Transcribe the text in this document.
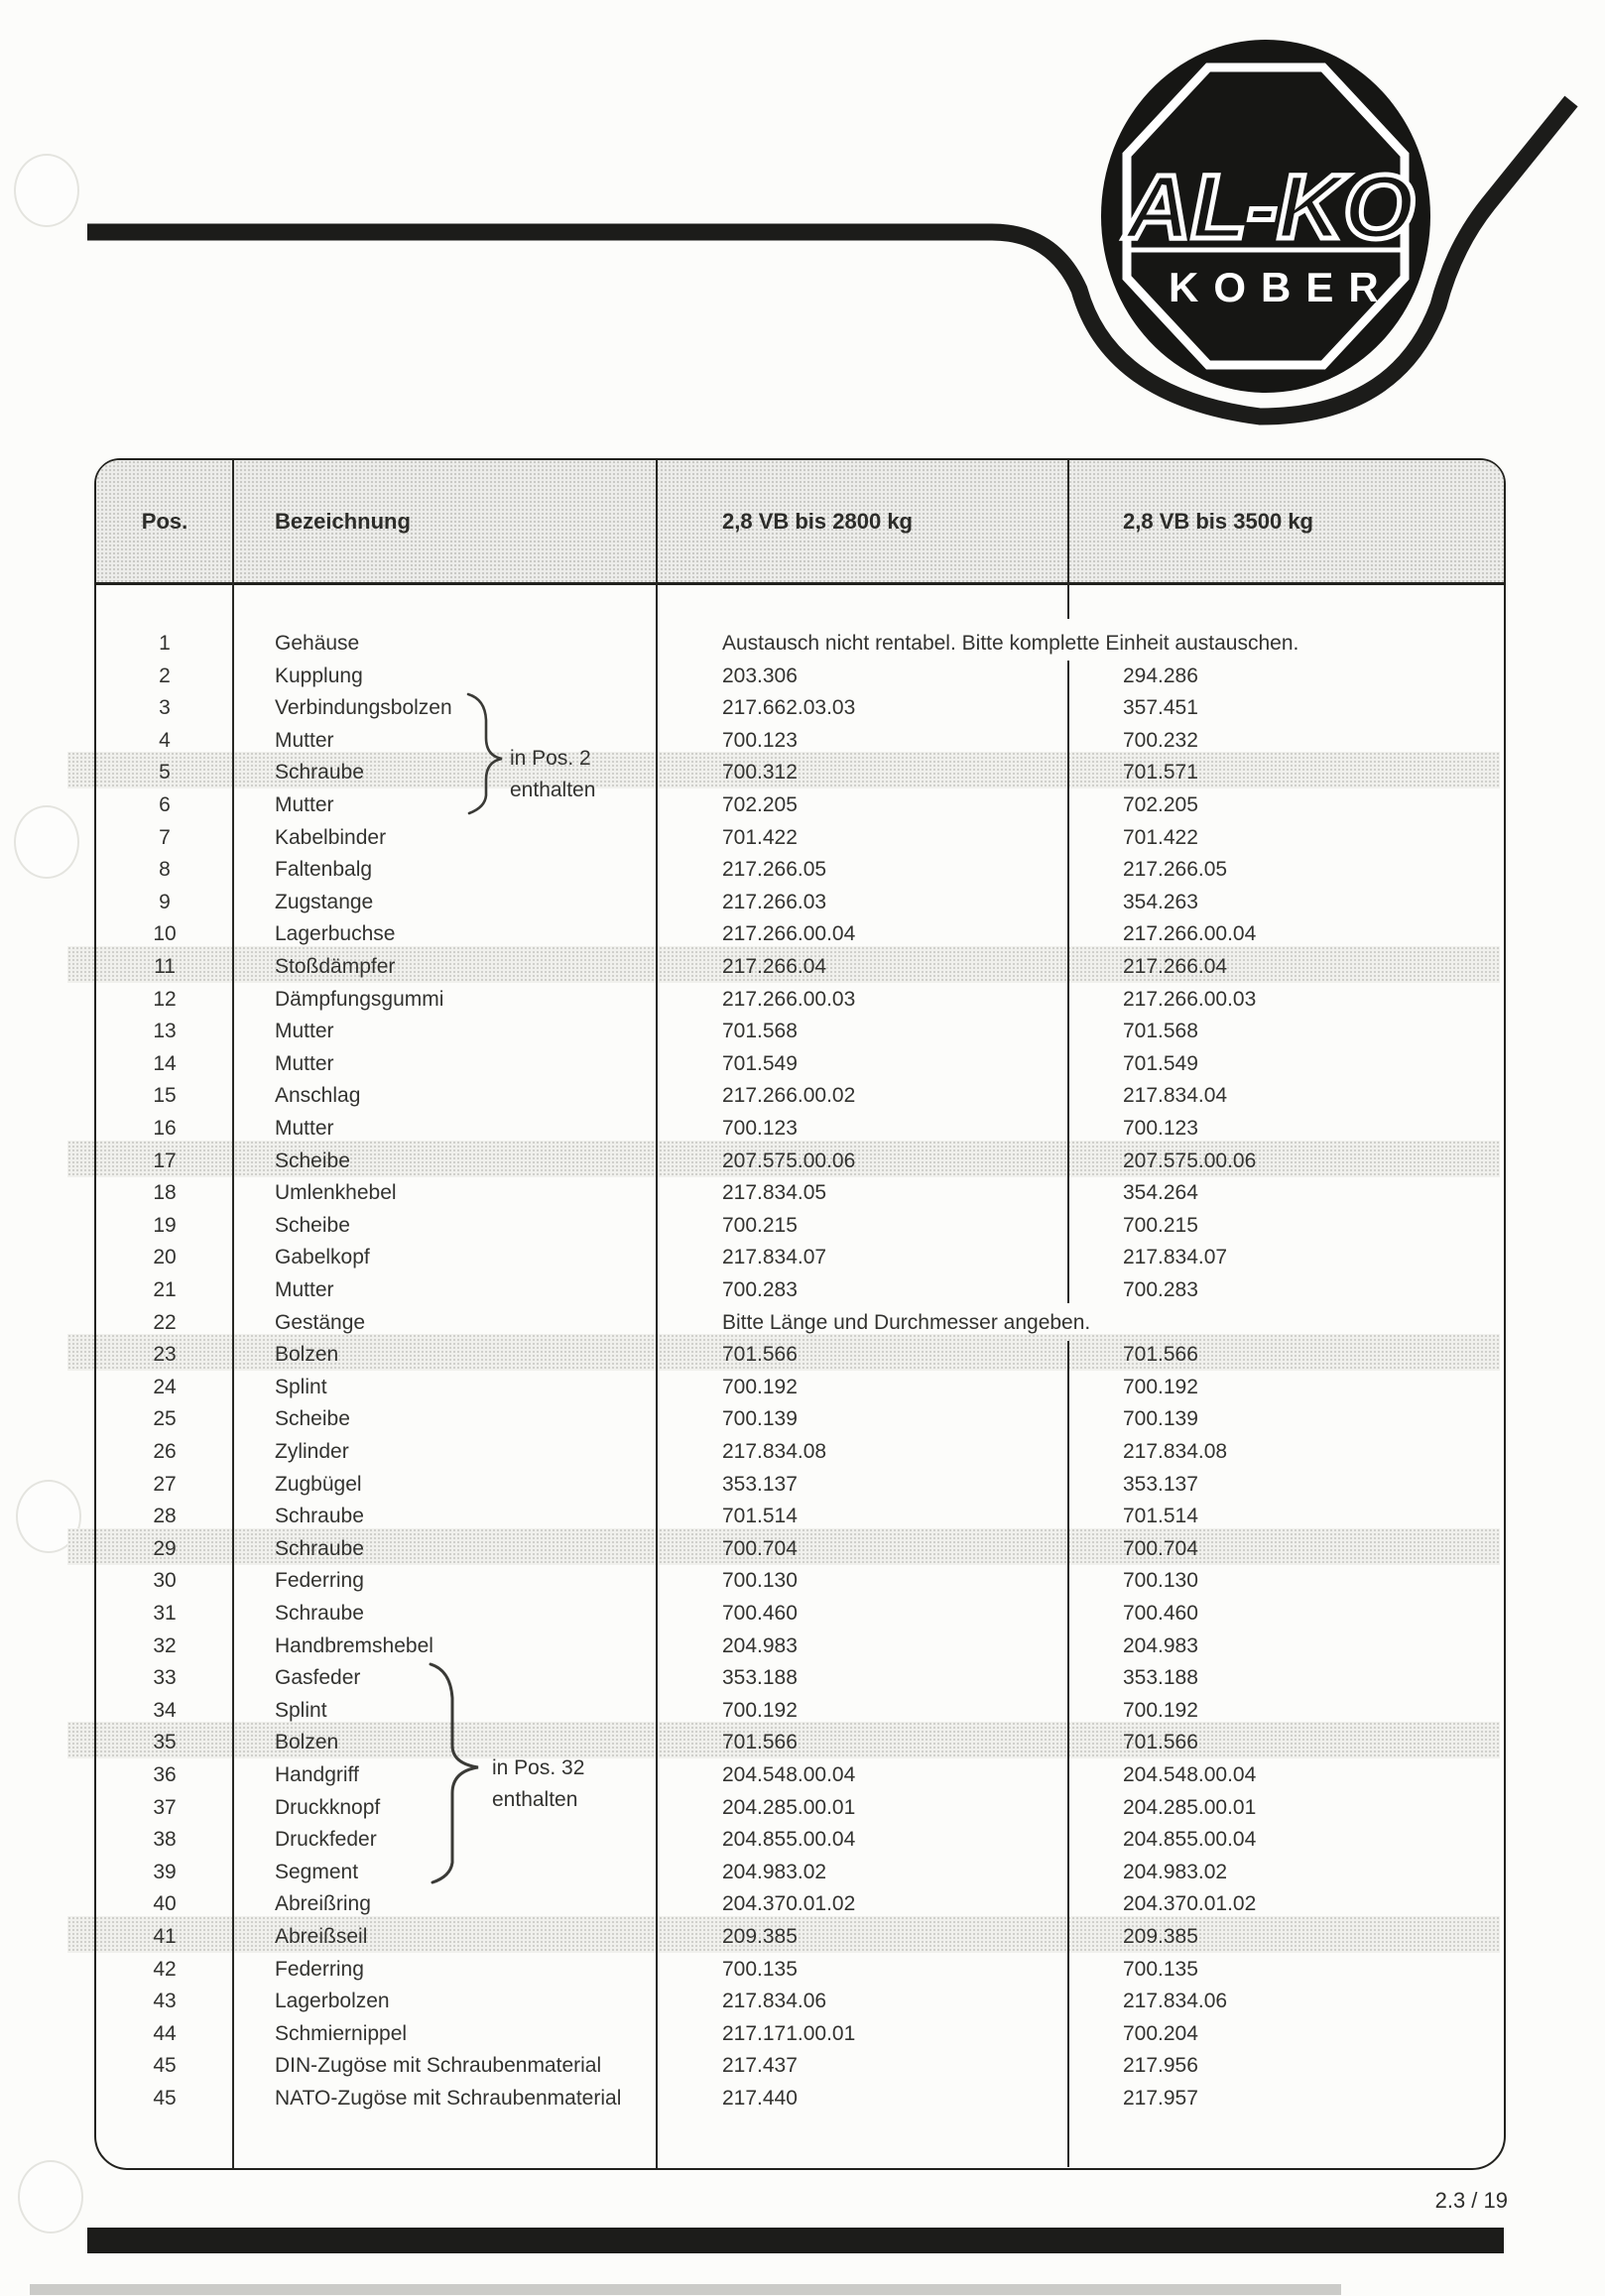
AL-KO
KOBER
Pos.	Bezeichnung	2,8 VB bis 2800 kg	2,8 VB bis 3500 kg
1	Gehäuse	Austausch nicht rentabel. Bitte komplette Einheit austauschen.
2	Kupplung	203.306	294.286
3	Verbindungsbolzen	217.662.03.03	357.451
4	Mutter	700.123	700.232
5	Schraube	700.312	701.571
6	Mutter	702.205	702.205
7	Kabelbinder	701.422	701.422
8	Faltenbalg	217.266.05	217.266.05
9	Zugstange	217.266.03	354.263
10	Lagerbuchse	217.266.00.04	217.266.00.04
11	Stoßdämpfer	217.266.04	217.266.04
12	Dämpfungsgummi	217.266.00.03	217.266.00.03
13	Mutter	701.568	701.568
14	Mutter	701.549	701.549
15	Anschlag	217.266.00.02	217.834.04
16	Mutter	700.123	700.123
17	Scheibe	207.575.00.06	207.575.00.06
18	Umlenkhebel	217.834.05	354.264
19	Scheibe	700.215	700.215
20	Gabelkopf	217.834.07	217.834.07
21	Mutter	700.283	700.283
22	Gestänge	Bitte Länge und Durchmesser angeben.
23	Bolzen	701.566	701.566
24	Splint	700.192	700.192
25	Scheibe	700.139	700.139
26	Zylinder	217.834.08	217.834.08
27	Zugbügel	353.137	353.137
28	Schraube	701.514	701.514
29	Schraube	700.704	700.704
30	Federring	700.130	700.130
31	Schraube	700.460	700.460
32	Handbremshebel	204.983	204.983
33	Gasfeder	353.188	353.188
34	Splint	700.192	700.192
35	Bolzen	701.566	701.566
36	Handgriff	204.548.00.04	204.548.00.04
37	Druckknopf	204.285.00.01	204.285.00.01
38	Druckfeder	204.855.00.04	204.855.00.04
39	Segment	204.983.02	204.983.02
40	Abreißring	204.370.01.02	204.370.01.02
41	Abreißseil	209.385	209.385
42	Federring	700.135	700.135
43	Lagerbolzen	217.834.06	217.834.06
44	Schmiernippel	217.171.00.01	700.204
45	DIN-Zugöse mit Schraubenmaterial	217.437	217.956
45	NATO-Zugöse mit Schraubenmaterial	217.440	217.957
in Pos. 2
enthalten
in Pos. 32
enthalten
2.3 / 19
